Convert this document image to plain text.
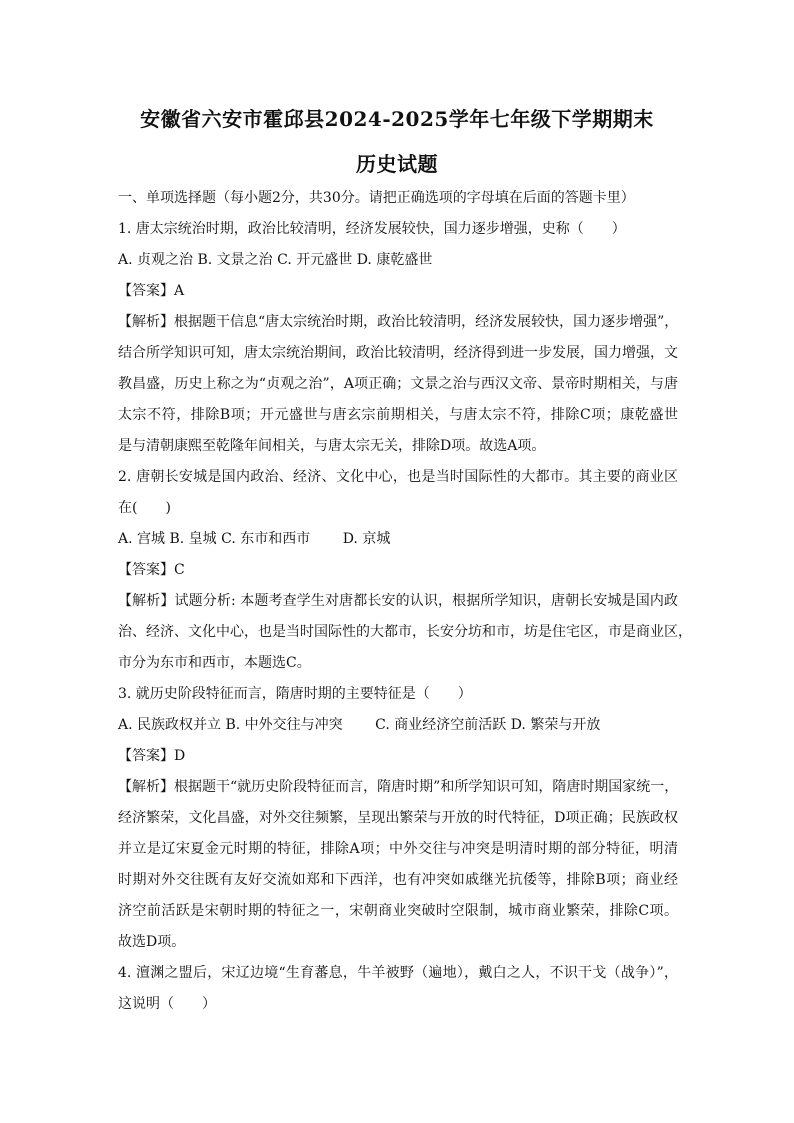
安徽省六安市霍邱县2024-2025学年七年级下学期期末
历史试题
一、单项选择题（每小题2分，共30分。请把正确选项的字母填在后面的答题卡里）
1. 唐太宗统治时期，政治比较清明，经济发展较快，国力逐步增强，史称（　　）
A. 贞观之治 B. 文景之治 C. 开元盛世 D. 康乾盛世
【答案】A
【解析】根据题干信息“唐太宗统治时期，政治比较清明，经济发展较快，国力逐步增强”，
结合所学知识可知，唐太宗统治期间，政治比较清明，经济得到进一步发展，国力增强，文
教昌盛，历史上称之为“贞观之治”，A项正确；文景之治与西汉文帝、景帝时期相关，与唐
太宗不符，排除B项；开元盛世与唐玄宗前期相关，与唐太宗不符，排除C项；康乾盛世
是与清朝康熙至乾隆年间相关，与唐太宗无关，排除D项。故选A项。
2. 唐朝长安城是国内政治、经济、文化中心，也是当时国际性的大都市。其主要的商业区
在(　　)
A. 宫城 B. 皇城 C. 东市和西市 D. 京城
【答案】C
【解析】试题分析: 本题考查学生对唐都长安的认识，根据所学知识，唐朝长安城是国内政
治、经济、文化中心，也是当时国际性的大都市，长安分坊和市，坊是住宅区，市是商业区，
市分为东市和西市，本题选C。
3. 就历史阶段特征而言，隋唐时期的主要特征是（　　）
A. 民族政权并立 B. 中外交往与冲突 C. 商业经济空前活跃 D. 繁荣与开放
【答案】D
【解析】根据题干“就历史阶段特征而言，隋唐时期”和所学知识可知，隋唐时期国家统一，
经济繁荣，文化昌盛，对外交往频繁，呈现出繁荣与开放的时代特征，D项正确；民族政权
并立是辽宋夏金元时期的特征，排除A项；中外交往与冲突是明清时期的部分特征，明清
时期对外交往既有友好交流如郑和下西洋，也有冲突如戚继光抗倭等，排除B项；商业经
济空前活跃是宋朝时期的特征之一，宋朝商业突破时空限制，城市商业繁荣，排除C项。
故选D项。
4. 澶渊之盟后，宋辽边境“生育蕃息，牛羊被野（遍地），戴白之人，不识干戈（战争）”，
这说明（　　）
